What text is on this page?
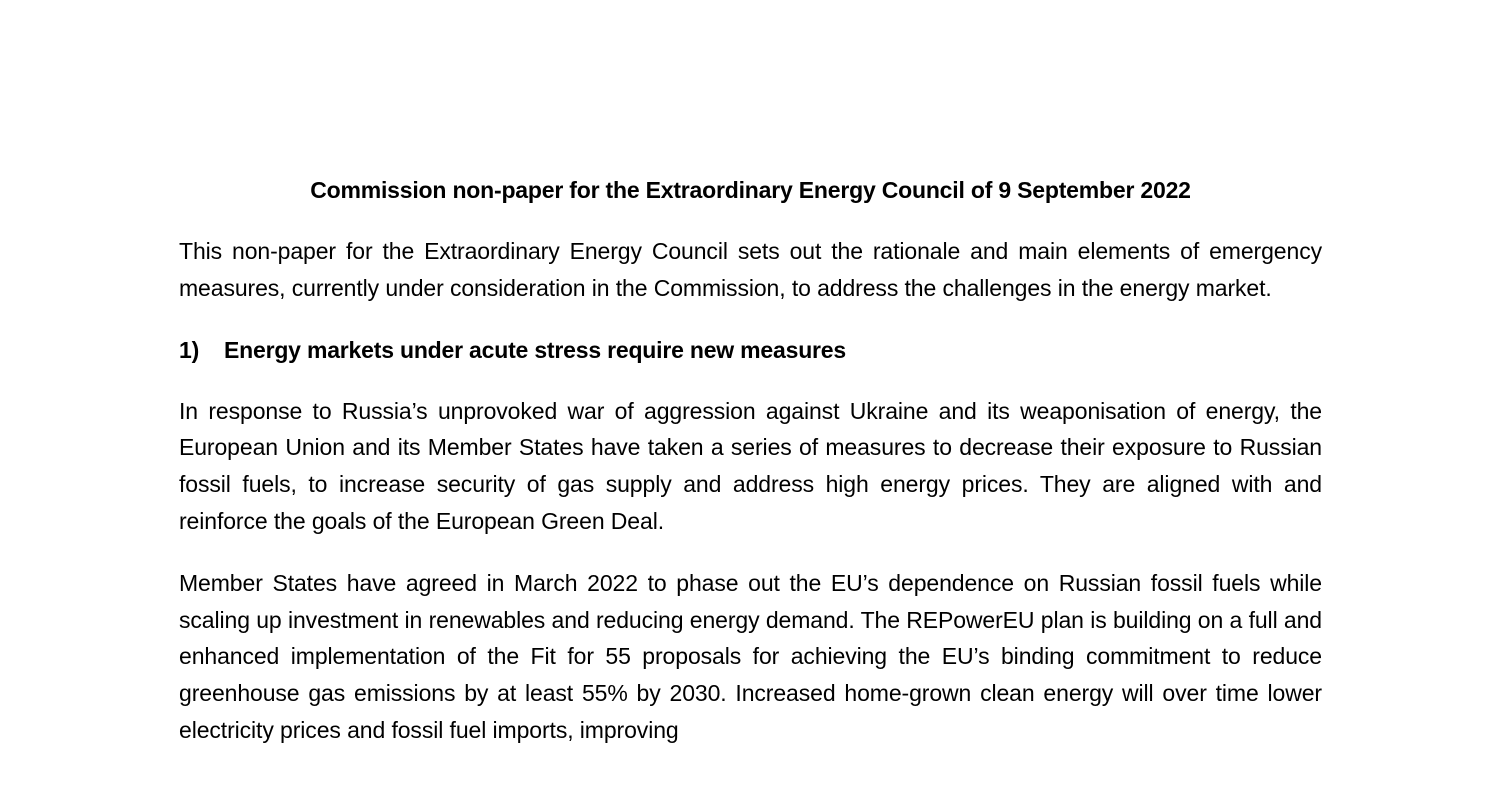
Commission non-paper for the Extraordinary Energy Council of 9 September 2022

This non-paper for the Extraordinary Energy Council sets out the rationale and main elements of emergency measures, currently under consideration in the Commission, to address the challenges in the energy market.

1)	Energy markets under acute stress require new measures

In response to Russia’s unprovoked war of aggression against Ukraine and its weaponisation of energy, the European Union and its Member States have taken a series of measures to decrease their exposure to Russian fossil fuels, to increase security of gas supply and address high energy prices. They are aligned with and reinforce the goals of the European Green Deal.

Member States have agreed in March 2022 to phase out the EU’s dependence on Russian fossil fuels while scaling up investment in renewables and reducing energy demand. The REPowerEU plan is building on a full and enhanced implementation of the Fit for 55 proposals for achieving the EU’s binding commitment to reduce greenhouse gas emissions by at least 55% by 2030. Increased home-grown clean energy will over time lower electricity prices and fossil fuel imports, improving
